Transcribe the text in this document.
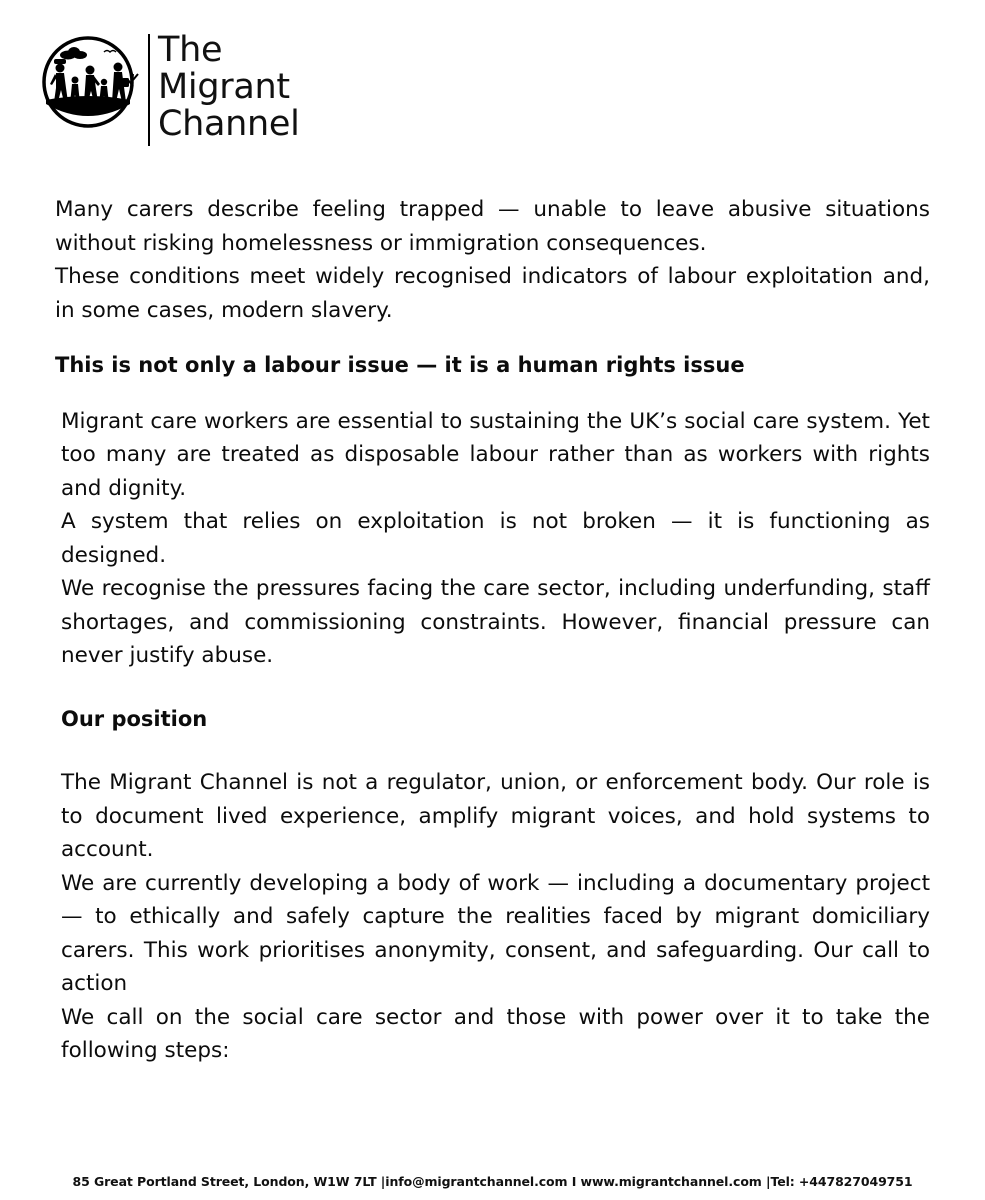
The
Migrant
Channel

Many carers describe feeling trapped — unable to leave abusive situations without risking homelessness or immigration consequences.

These conditions meet widely recognised indicators of labour exploitation and, in some cases, modern slavery.

This is not only a labour issue — it is a human rights issue

Migrant care workers are essential to sustaining the UK’s social care system. Yet too many are treated as disposable labour rather than as workers with rights and dignity.

A system that relies on exploitation is not broken — it is functioning as designed.

We recognise the pressures facing the care sector, including underfunding, staff shortages, and commissioning constraints. However, financial pressure can never justify abuse.

Our position

The Migrant Channel is not a regulator, union, or enforcement body. Our role is to document lived experience, amplify migrant voices, and hold systems to account.

We are currently developing a body of work — including a documentary project — to ethically and safely capture the realities faced by migrant domiciliary carers. This work prioritises anonymity, consent, and safeguarding. Our call to action

We call on the social care sector and those with power over it to take the following steps:

85 Great Portland Street, London, W1W 7LT |info@migrantchannel.com I www.migrantchannel.com |Tel: +447827049751
